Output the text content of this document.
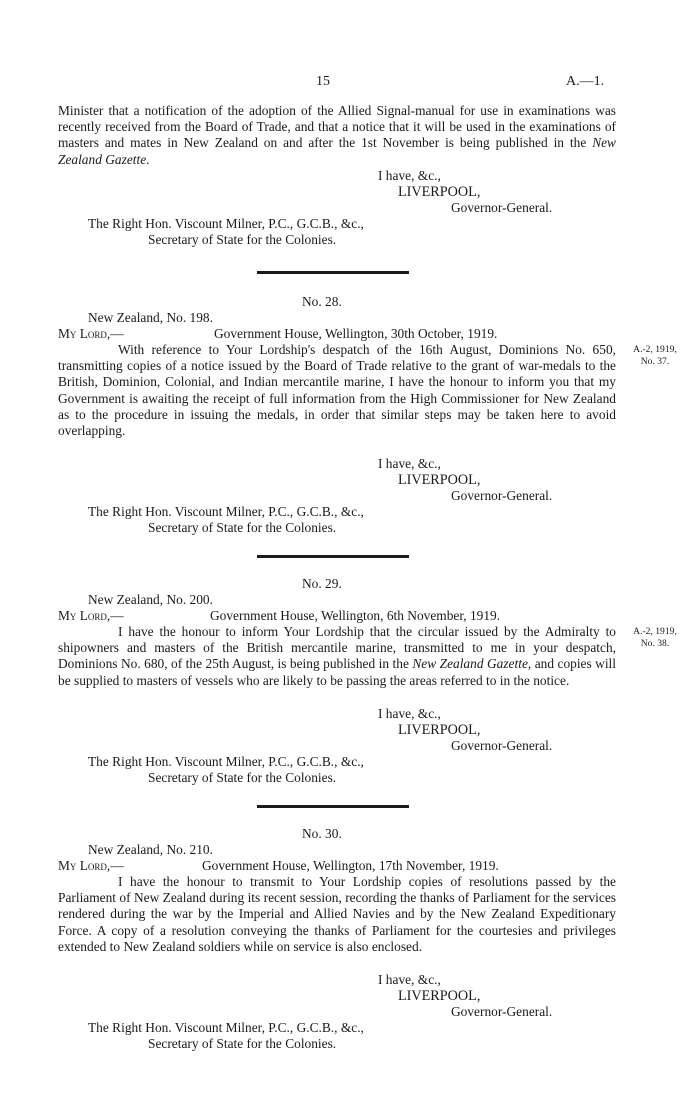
15	A.—1.
Minister that a notification of the adoption of the Allied Signal-manual for use in examinations was recently received from the Board of Trade, and that a notice that it will be used in the examinations of masters and mates in New Zealand on and after the 1st November is being published in the New Zealand Gazette.
I have, &c.,
LIVERPOOL,
Governor-General.
The Right Hon. Viscount Milner, P.C., G.C.B., &c.,
Secretary of State for the Colonies.
No. 28.
New Zealand, No. 198.
My Lord,—	Government House, Wellington, 30th October, 1919.
With reference to Your Lordship's despatch of the 16th August, Dominions No. 650, transmitting copies of a notice issued by the Board of Trade relative to the grant of war-medals to the British, Dominion, Colonial, and Indian mercantile marine, I have the honour to inform you that my Government is awaiting the receipt of full information from the High Commissioner for New Zealand as to the procedure in issuing the medals, in order that similar steps may be taken here to avoid overlapping.
A.-2, 1919,
No. 37.
I have, &c.,
LIVERPOOL,
Governor-General.
The Right Hon. Viscount Milner, P.C., G.C.B., &c.,
Secretary of State for the Colonies.
No. 29.
New Zealand, No. 200.
My Lord,—	Government House, Wellington, 6th November, 1919.
I have the honour to inform Your Lordship that the circular issued by the Admiralty to shipowners and masters of the British mercantile marine, transmitted to me in your despatch, Dominions No. 680, of the 25th August, is being published in the New Zealand Gazette, and copies will be supplied to masters of vessels who are likely to be passing the areas referred to in the notice.
A.-2, 1919,
No. 38.
I have, &c.,
LIVERPOOL,
Governor-General.
The Right Hon. Viscount Milner, P.C., G.C.B., &c.,
Secretary of State for the Colonies.
No. 30.
New Zealand, No. 210.
My Lord,—	Government House, Wellington, 17th November, 1919.
I have the honour to transmit to Your Lordship copies of resolutions passed by the Parliament of New Zealand during its recent session, recording the thanks of Parliament for the services rendered during the war by the Imperial and Allied Navies and by the New Zealand Expeditionary Force. A copy of a resolution conveying the thanks of Parliament for the courtesies and privileges extended to New Zealand soldiers while on service is also enclosed.
I have, &c.,
LIVERPOOL,
Governor-General.
The Right Hon. Viscount Milner, P.C., G.C.B., &c.,
Secretary of State for the Colonies.
